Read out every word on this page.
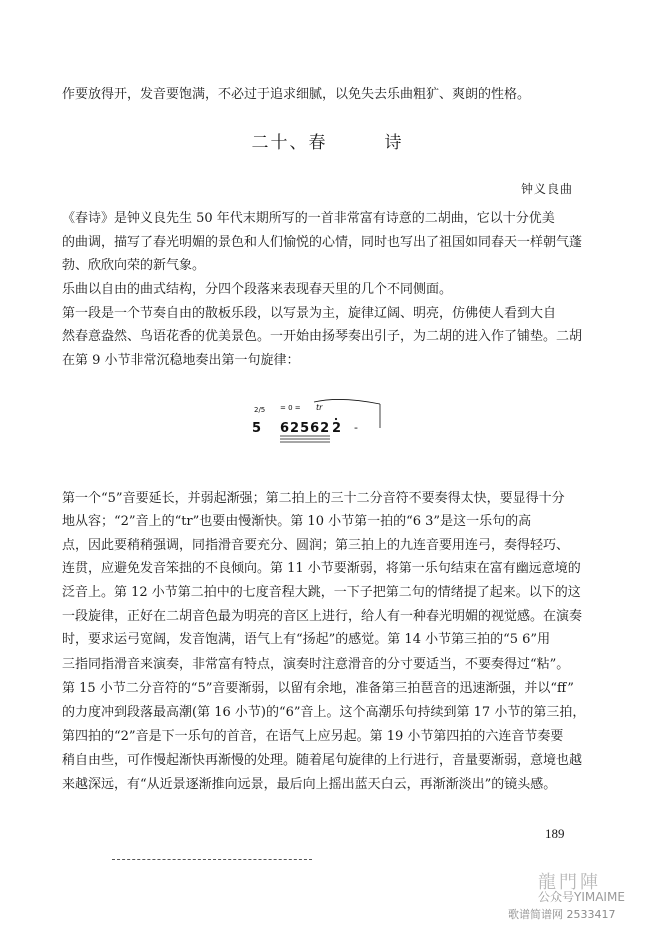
作要放得开，发音要饱满，不必过于追求细腻，以免失去乐曲粗犷、爽朗的性格。
二十、春　　　诗
钟义良曲
《春诗》是钟义良先生 50 年代末期所写的一首非常富有诗意的二胡曲，它以十分优美
的曲调，描写了春光明媚的景色和人们愉悦的心情，同时也写出了祖国如同春天一样朝气蓬
勃、欣欣向荣的新气象。
乐曲以自由的曲式结构，分四个段落来表现春天里的几个不同侧面。
第一段是一个节奏自由的散板乐段，以写景为主，旋律辽阔、明亮，仿佛使人看到大自
然春意盎然、鸟语花香的优美景色。一开始由扬琴奏出引子，为二胡的进入作了铺垫。二胡
在第 9 小节非常沉稳地奏出第一句旋律：
2/5
5
= 0 = tr
62562 2 -
第一个“5”音要延长，并弱起渐强；第二拍上的三十二分音符不要奏得太快，要显得十分
地从容；“2”音上的“tr”也要由慢渐快。第 10 小节第一拍的“6 3”是这一乐句的高
点，因此要稍稍强调，同指滑音要充分、圆润；第三拍上的九连音要用连弓，奏得轻巧、
连贯，应避免发音笨拙的不良倾向。第 11 小节要渐弱，将第一乐句结束在富有幽远意境的
泛音上。第 12 小节第二拍中的七度音程大跳，一下子把第二句的情绪提了起来。以下的这
一段旋律，正好在二胡音色最为明亮的音区上进行，给人有一种春光明媚的视觉感。在演奏
时，要求运弓宽阔，发音饱满，语气上有“扬起”的感觉。第 14 小节第三拍的“5 6”用
三指同指滑音来演奏，非常富有特点，演奏时注意滑音的分寸要适当，不要奏得过“粘”。
第 15 小节二分音符的“5”音要渐弱，以留有余地，准备第三拍琶音的迅速渐强，并以“ff”
的力度冲到段落最高潮(第 16 小节)的“6”音上。这个高潮乐句持续到第 17 小节的第三拍，
第四拍的“2”音是下一乐句的首音，在语气上应另起。第 19 小节第四拍的六连音节奏要
稍自由些，可作慢起渐快再渐慢的处理。随着尾句旋律的上行进行，音量要渐弱，意境也越
来越深远，有“从近景逐渐推向远景，最后向上摇出蓝天白云，再渐渐淡出”的镜头感。
189
龍門陣
公众号YIMAIME
歌谱简谱网 2533417
